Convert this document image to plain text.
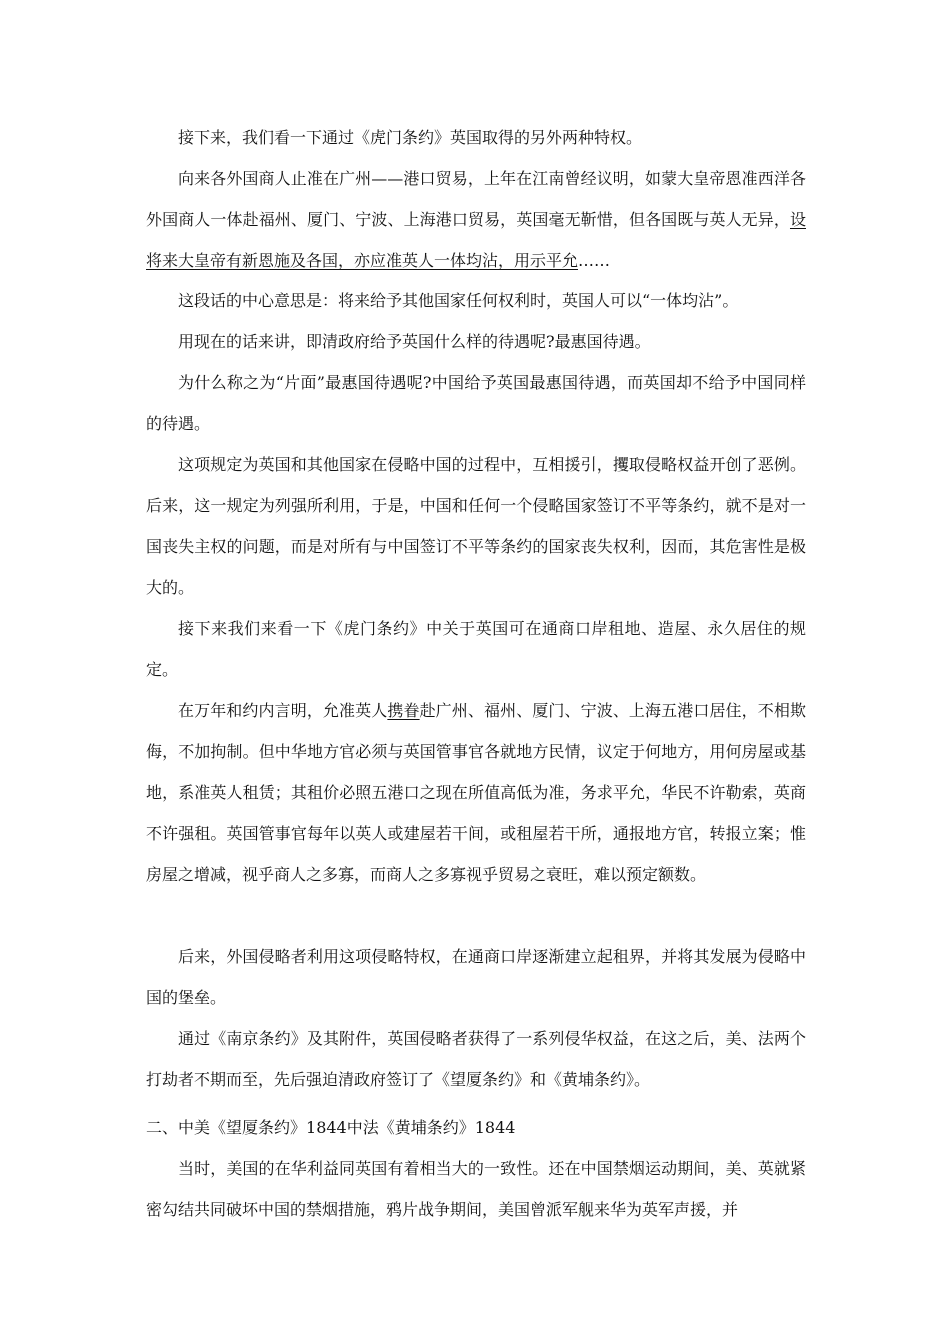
接下来，我们看一下通过《虎门条约》英国取得的另外两种特权。

向来各外国商人止准在广州——港口贸易，上年在江南曾经议明，如蒙大皇帝恩准西洋各外国商人一体赴福州、厦门、宁波、上海港口贸易，英国毫无靳惜，但各国既与英人无异，设将来大皇帝有新恩施及各国，亦应准英人一体均沾，用示平允……

这段话的中心意思是：将来给予其他国家任何权利时，英国人可以“一体均沾”。

用现在的话来讲，即清政府给予英国什么样的待遇呢?最惠国待遇。

为什么称之为“片面”最惠国待遇呢?中国给予英国最惠国待遇，而英国却不给予中国同样的待遇。

这项规定为英国和其他国家在侵略中国的过程中，互相援引，攫取侵略权益开创了恶例。后来，这一规定为列强所利用，于是，中国和任何一个侵略国家签订不平等条约，就不是对一国丧失主权的问题，而是对所有与中国签订不平等条约的国家丧失权利，因而，其危害性是极大的。

接下来我们来看一下《虎门条约》中关于英国可在通商口岸租地、造屋、永久居住的规定。

在万年和约内言明，允准英人携眷赴广州、福州、厦门、宁波、上海五港口居住，不相欺侮，不加拘制。但中华地方官必须与英国管事官各就地方民情，议定于何地方，用何房屋或基地，系准英人租赁；其租价必照五港口之现在所值高低为准，务求平允，华民不许勒索，英商不许强租。英国管事官每年以英人或建屋若干间，或租屋若干所，通报地方官，转报立案；惟房屋之增减，视乎商人之多寡，而商人之多寡视乎贸易之衰旺，难以预定额数。

后来，外国侵略者利用这项侵略特权，在通商口岸逐渐建立起租界，并将其发展为侵略中国的堡垒。

通过《南京条约》及其附件，英国侵略者获得了一系列侵华权益，在这之后，美、法两个打劫者不期而至，先后强迫清政府签订了《望厦条约》和《黄埔条约》。

二、中美《望厦条约》1844中法《黄埔条约》1844

当时，美国的在华利益同英国有着相当大的一致性。还在中国禁烟运动期间，美、英就紧密勾结共同破坏中国的禁烟措施，鸦片战争期间，美国曾派军舰来华为英军声援，并
